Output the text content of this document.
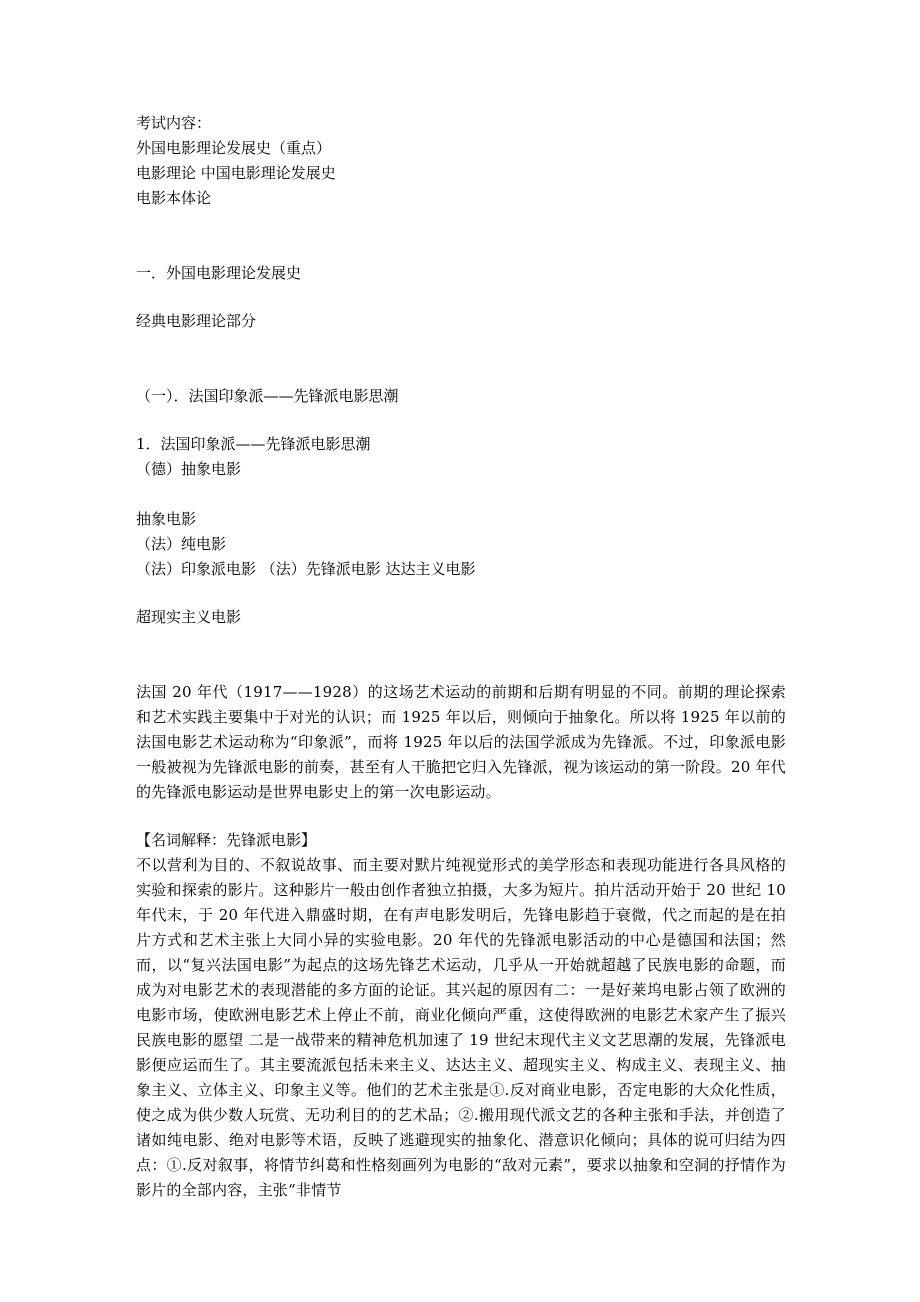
考试内容：
外国电影理论发展史（重点）
电影理论 中国电影理论发展史
电影本体论
一．外国电影理论发展史
经典电影理论部分
（一）．法国印象派——先锋派电影思潮
1．法国印象派——先锋派电影思潮
（德）抽象电影
抽象电影
（法）纯电影
（法）印象派电影 （法）先锋派电影 达达主义电影
超现实主义电影
法国 20 年代（1917——1928）的这场艺术运动的前期和后期有明显的不同。前期的理论探索和艺术实践主要集中于对光的认识；而 1925 年以后，则倾向于抽象化。所以将 1925 年以前的法国电影艺术运动称为“印象派”，而将 1925 年以后的法国学派成为先锋派。不过，印象派电影一般被视为先锋派电影的前奏，甚至有人干脆把它归入先锋派，视为该运动的第一阶段。20 年代的先锋派电影运动是世界电影史上的第一次电影运动。
【名词解释：先锋派电影】
不以营利为目的、不叙说故事、而主要对默片纯视觉形式的美学形态和表现功能进行各具风格的实验和探索的影片。这种影片一般由创作者独立拍摄，大多为短片。拍片活动开始于 20 世纪 10 年代末，于 20 年代进入鼎盛时期，在有声电影发明后，先锋电影趋于衰微，代之而起的是在拍片方式和艺术主张上大同小异的实验电影。20 年代的先锋派电影活动的中心是德国和法国；然而，以“复兴法国电影”为起点的这场先锋艺术运动，几乎从一开始就超越了民族电影的命题，而成为对电影艺术的表现潜能的多方面的论证。其兴起的原因有二：一是好莱坞电影占领了欧洲的电影市场，使欧洲电影艺术上停止不前，商业化倾向严重，这使得欧洲的电影艺术家产生了振兴民族电影的愿望 二是一战带来的精神危机加速了 19 世纪末现代主义文艺思潮的发展，先锋派电影便应运而生了。其主要流派包括未来主义、达达主义、超现实主义、构成主义、表现主义、抽象主义、立体主义、印象主义等。他们的艺术主张是①.反对商业电影，否定电影的大众化性质，使之成为供少数人玩赏、无功利目的的艺术品；②.搬用现代派文艺的各种主张和手法，并创造了诸如纯电影、绝对电影等术语，反映了逃避现实的抽象化、潜意识化倾向；具体的说可归结为四点：①.反对叙事，将情节纠葛和性格刻画列为电影的“敌对元素”，要求以抽象和空洞的抒情作为影片的全部内容，主张“非情节
